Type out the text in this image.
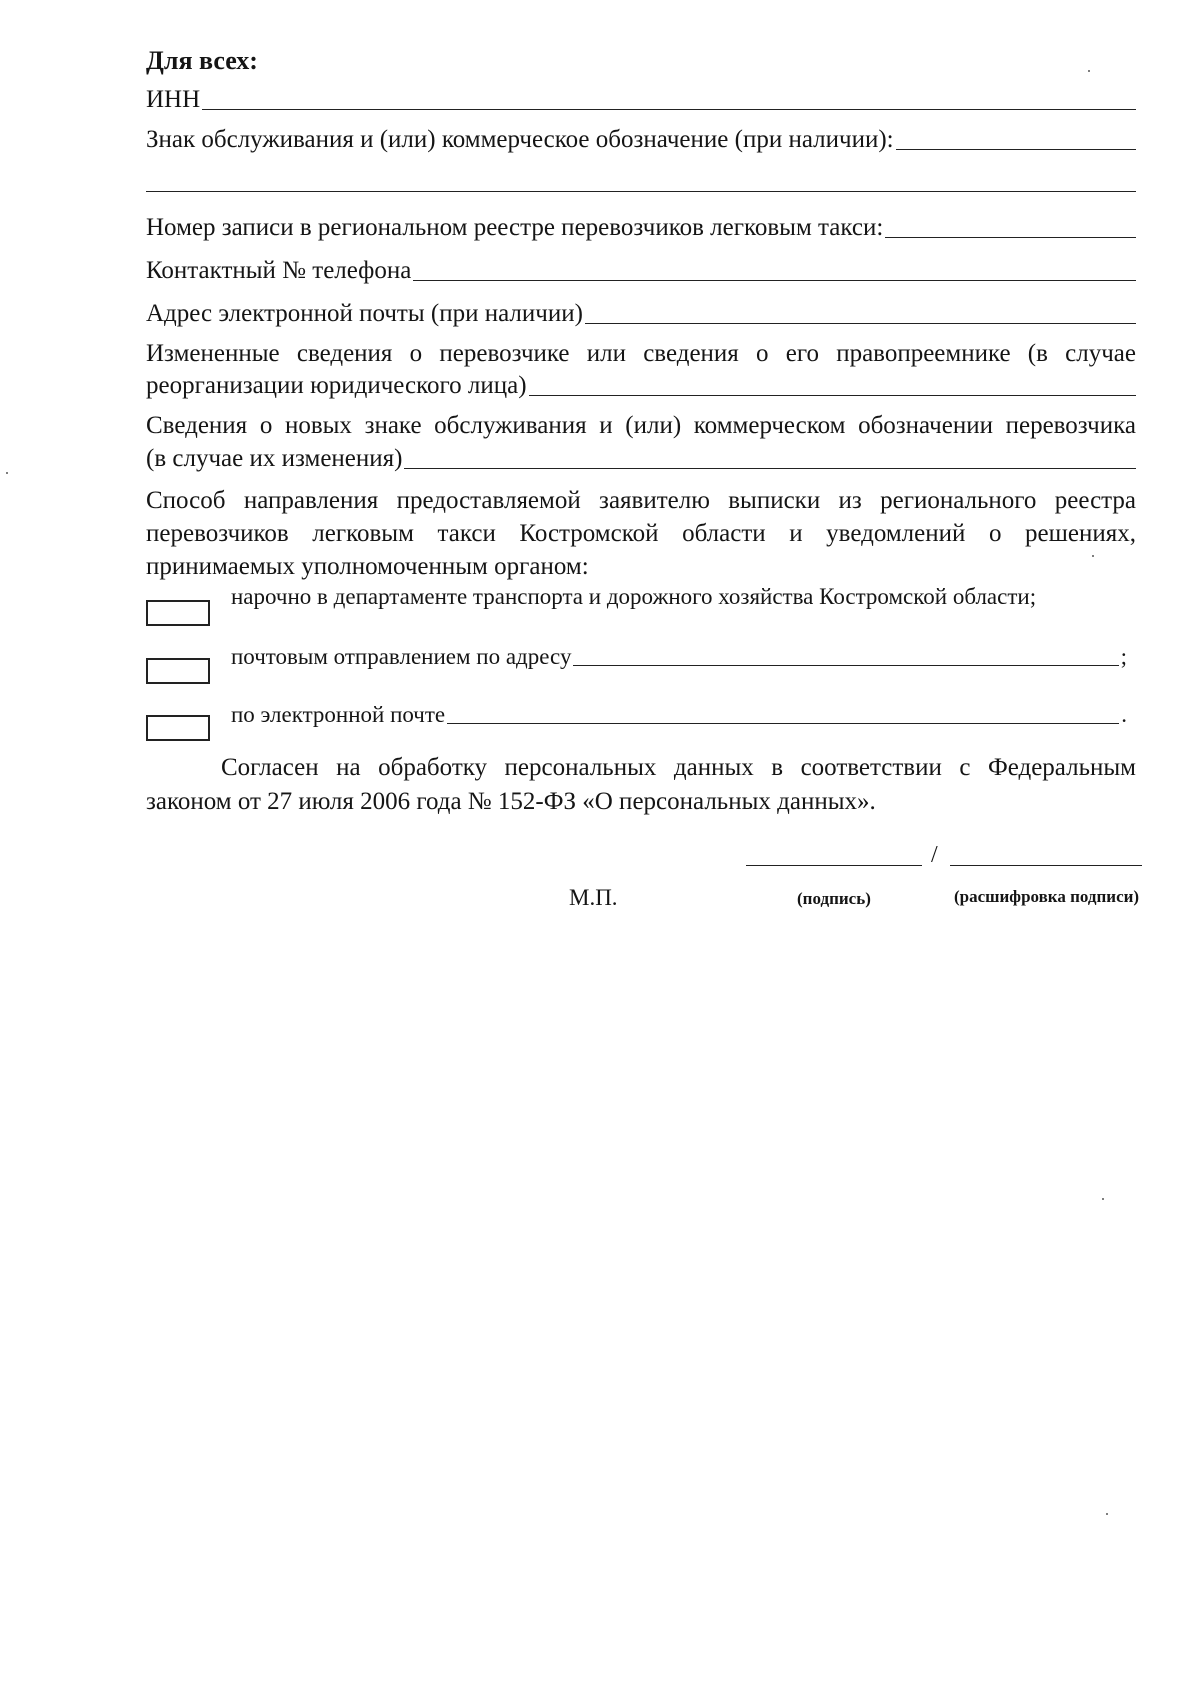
Для всех:
ИНН
Знак обслуживания и (или) коммерческое обозначение (при наличии):
Номер записи в региональном реестре перевозчиков легковым такси:
Контактный № телефона
Адрес электронной почты (при наличии)
Измененные сведения о перевозчике или сведения о его правопреемнике (в случае
реорганизации юридического лица)
Сведения о новых знаке обслуживания и (или) коммерческом обозначении перевозчика
(в случае их изменения)
Способ направления предоставляемой заявителю выписки из регионального реестра
перевозчиков легковым такси Костромской области и уведомлений о решениях,
принимаемых уполномоченным органом:
нарочно в департаменте транспорта и дорожного хозяйства Костромской области;
почтовым отправлением по адресу	;
по электронной почте	.
Согласен на обработку персональных данных в соответствии с Федеральным
законом от 27 июля 2006 года № 152-ФЗ «О персональных данных».
/
М.П.	(подпись)	(расшифровка подписи)
